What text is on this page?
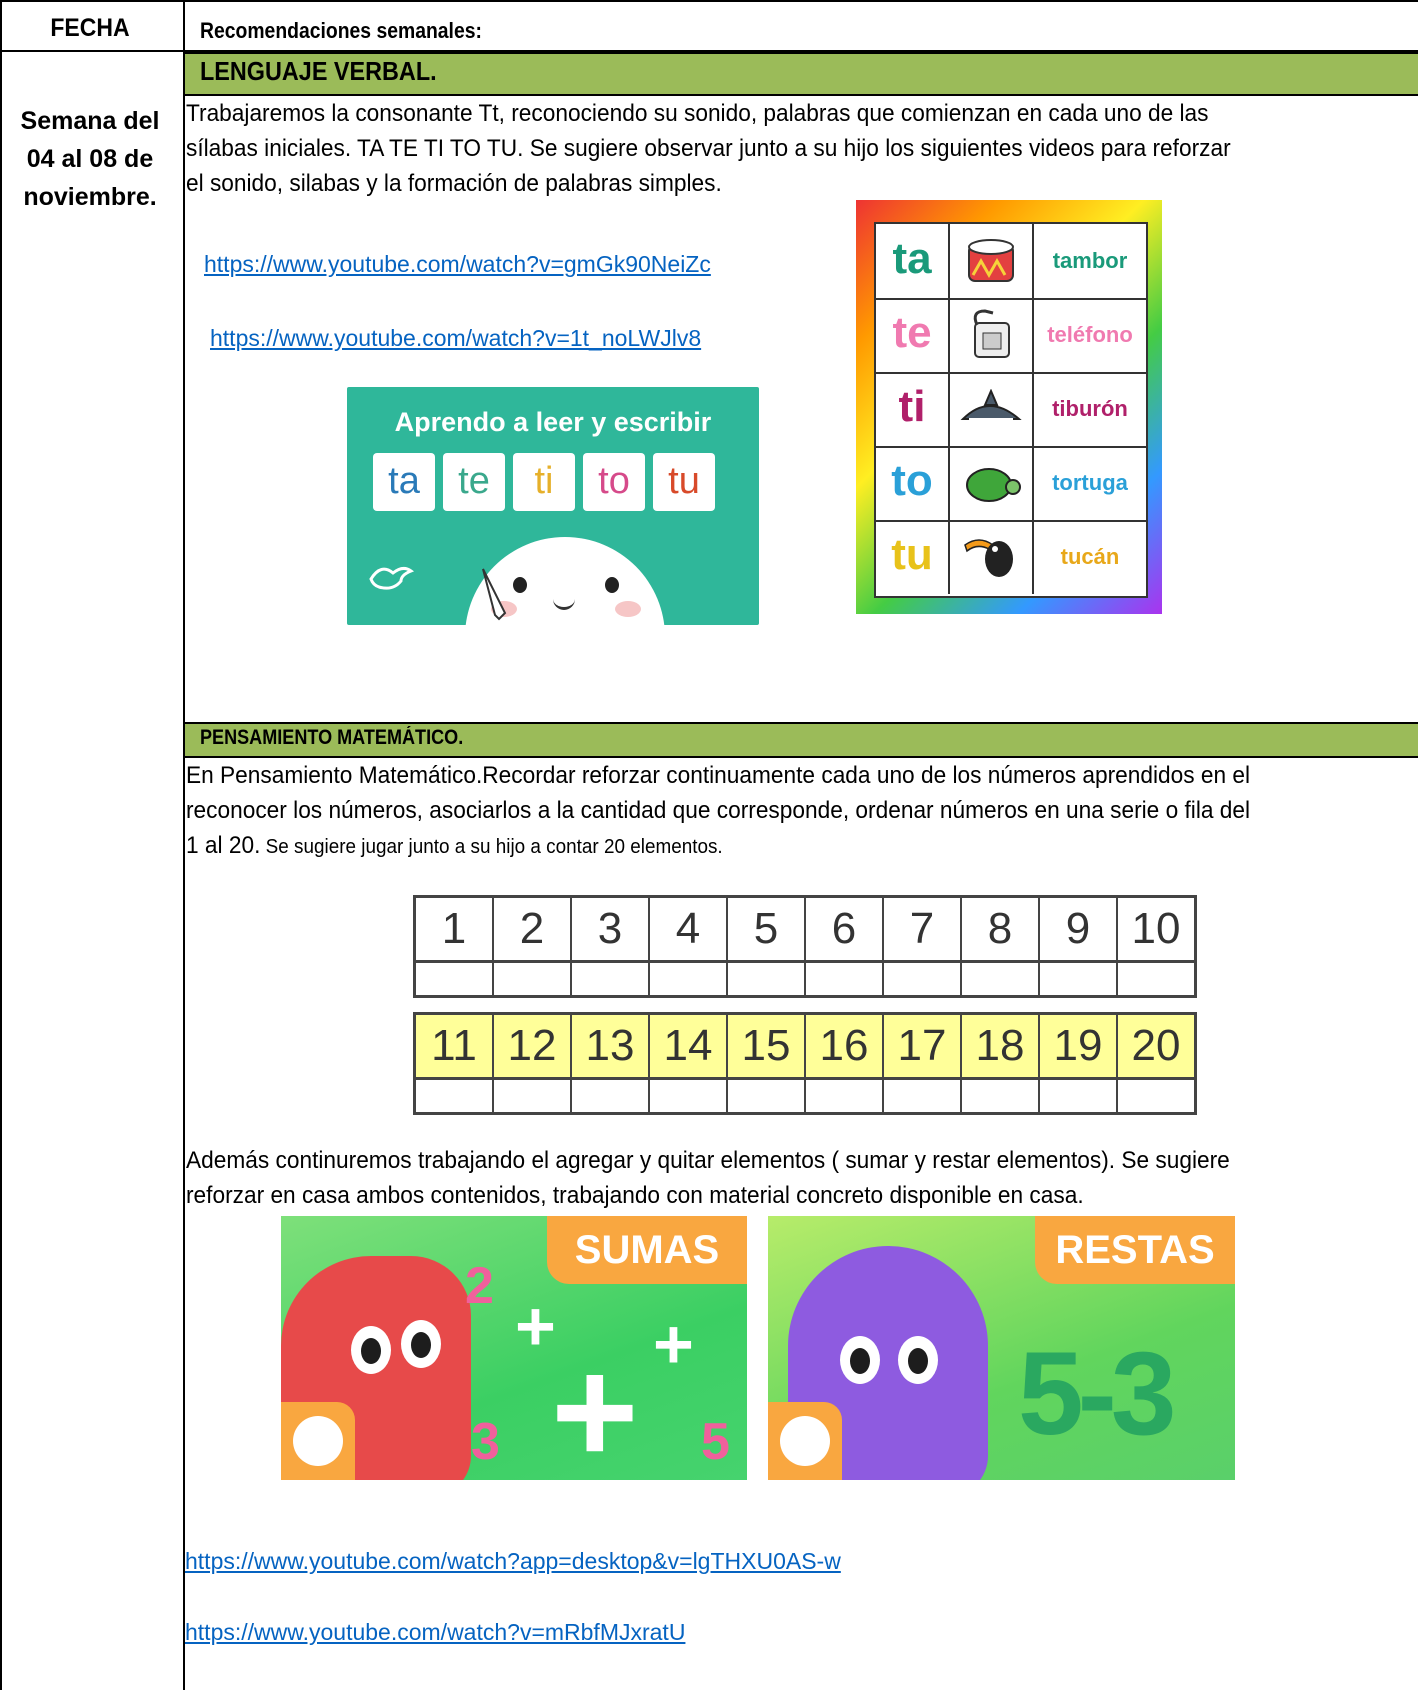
FECHA	Recomendaciones semanales:
Semana del
04 al 08 de
noviembre.
LENGUAJE VERBAL.
Trabajaremos la consonante Tt, reconociendo su sonido, palabras que comienzan en cada uno de las
sílabas iniciales. TA TE TI TO TU. Se sugiere observar junto a su hijo los siguientes videos para reforzar
el sonido, silabas y la formación de palabras simples.
https://www.youtube.com/watch?v=gmGk90NeiZc
https://www.youtube.com/watch?v=1t_noLWJlv8
Aprendo a leer y escribir
ta	te	ti	to	tu
ta	tambor
te	teléfono
ti	tiburón
to	tortuga
tu	tucán
PENSAMIENTO MATEMÁTICO.
En Pensamiento Matemático.Recordar reforzar continuamente cada uno de los números aprendidos en el
reconocer los números, asociarlos a la cantidad que corresponde, ordenar números en una serie o fila del
1 al 20. Se sugiere jugar junto a su hijo a contar 20 elementos.
1	2	3	4	5	6	7	8	9 10
11 12 13 14 15 16 17 18 19 20
Además continuremos trabajando el agregar y quitar elementos ( sumar y restar elementos). Se sugiere
reforzar en casa ambos contenidos, trabajando con material concreto disponible en casa.
SUMAS
2
3	5
+ +
+
RESTAS
5-3
https://www.youtube.com/watch?app=desktop&v=lgTHXU0AS-w
https://www.youtube.com/watch?v=mRbfMJxratU
